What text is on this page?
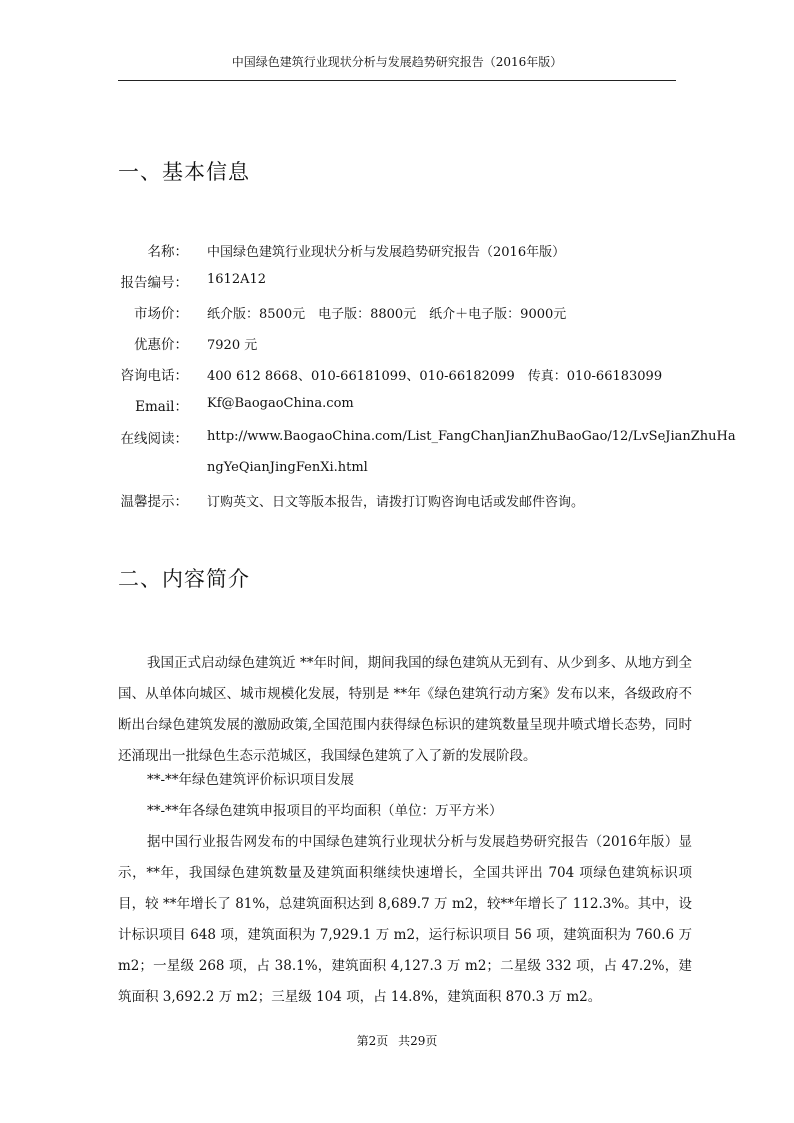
中国绿色建筑行业现状分析与发展趋势研究报告（2016年版）
一、基本信息
名称： 中国绿色建筑行业现状分析与发展趋势研究报告（2016年版）
报告编号： 1612A12
市场价： 纸介版：8500元　电子版：8800元　纸介＋电子版：9000元
优惠价： 7920 元
咨询电话： 400 612 8668、010-66181099、010-66182099　传真：010-66183099
Email： Kf@BaogaoChina.com
在线阅读： http://www.BaogaoChina.com/List_FangChanJianZhuBaoGao/12/LvSeJianZhuHa
ngYeQianJingFenXi.html
温馨提示： 订购英文、日文等版本报告，请拨打订购咨询电话或发邮件咨询。
二、内容简介

我国正式启动绿色建筑近 **年时间，期间我国的绿色建筑从无到有、从少到多、从地方到全国、从单体向城区、城市规模化发展，特别是 **年《绿色建筑行动方案》发布以来，各级政府不断出台绿色建筑发展的激励政策,全国范围内获得绿色标识的建筑数量呈现井喷式增长态势，同时还涌现出一批绿色生态示范城区，我国绿色建筑了入了新的发展阶段。

**-**年绿色建筑评价标识项目发展

**-**年各绿色建筑申报项目的平均面积（单位：万平方米）

据中国行业报告网发布的中国绿色建筑行业现状分析与发展趋势研究报告（2016年版）显示，**年，我国绿色建筑数量及建筑面积继续快速增长，全国共评出 704 项绿色建筑标识项目，较 **年增长了 81%，总建筑面积达到 8,689.7 万 m2，较**年增长了 112.3%。其中，设计标识项目 648 项，建筑面积为 7,929.1 万 m2，运行标识项目 56 项，建筑面积为 760.6 万 m2；一星级 268 项，占 38.1%，建筑面积 4,127.3 万 m2；二星级 332 项，占 47.2%，建筑面积 3,692.2 万 m2；三星级 104 项，占 14.8%，建筑面积 870.3 万 m2。

第2页 共29页
